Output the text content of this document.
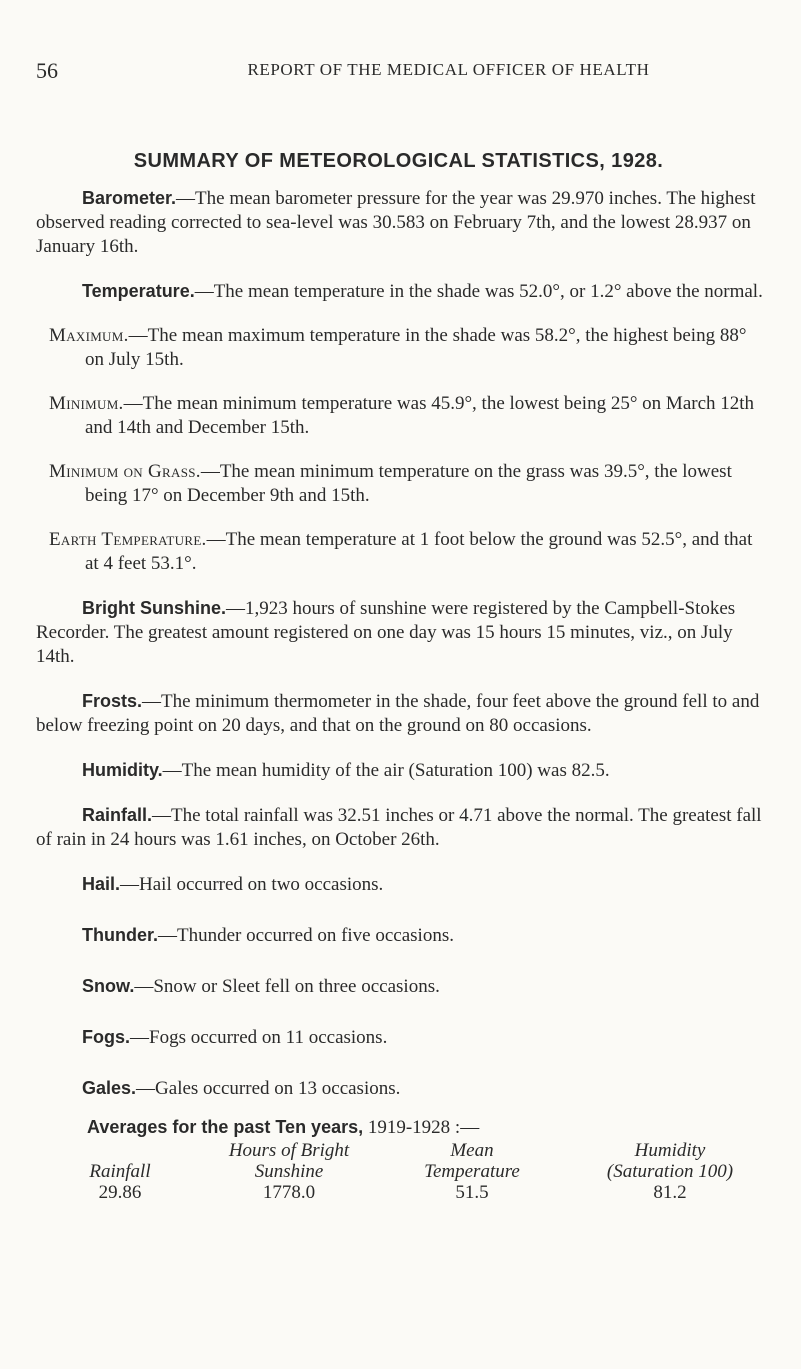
56	REPORT OF THE MEDICAL OFFICER OF HEALTH
SUMMARY OF METEOROLOGICAL STATISTICS, 1928.

Barometer.—The mean barometer pressure for the year was 29.970 inches. The highest observed reading corrected to sea-level was 30.583 on February 7th, and the lowest 28.937 on January 16th.

Temperature.—The mean temperature in the shade was 52.0°, or 1.2° above the normal.

Maximum.—The mean maximum temperature in the shade was 58.2°, the highest being 88° on July 15th.

Minimum.—The mean minimum temperature was 45.9°, the lowest being 25° on March 12th and 14th and December 15th.

Minimum on Grass.—The mean minimum temperature on the grass was 39.5°, the lowest being 17° on December 9th and 15th.

Earth Temperature.—The mean temperature at 1 foot below the ground was 52.5°, and that at 4 feet 53.1°.

Bright Sunshine.—1,923 hours of sunshine were registered by the Campbell-Stokes Recorder. The greatest amount registered on one day was 15 hours 15 minutes, viz., on July 14th.

Frosts.—The minimum thermometer in the shade, four feet above the ground fell to and below freezing point on 20 days, and that on the ground on 80 occasions.

Humidity.—The mean humidity of the air (Saturation 100) was 82.5.

Rainfall.—The total rainfall was 32.51 inches or 4.71 above the normal. The greatest fall of rain in 24 hours was 1.61 inches, on October 26th.

Hail.—Hail occurred on two occasions.

Thunder.—Thunder occurred on five occasions.

Snow.—Snow or Sleet fell on three occasions.

Fogs.—Fogs occurred on 11 occasions.

Gales.—Gales occurred on 13 occasions.

Averages for the past Ten years, 1919-1928 :—
Rainfall
29.86
Hours of Bright
Sunshine
1778.0
Mean
Temperature
51.5
Humidity
(Saturation 100)
81.2
